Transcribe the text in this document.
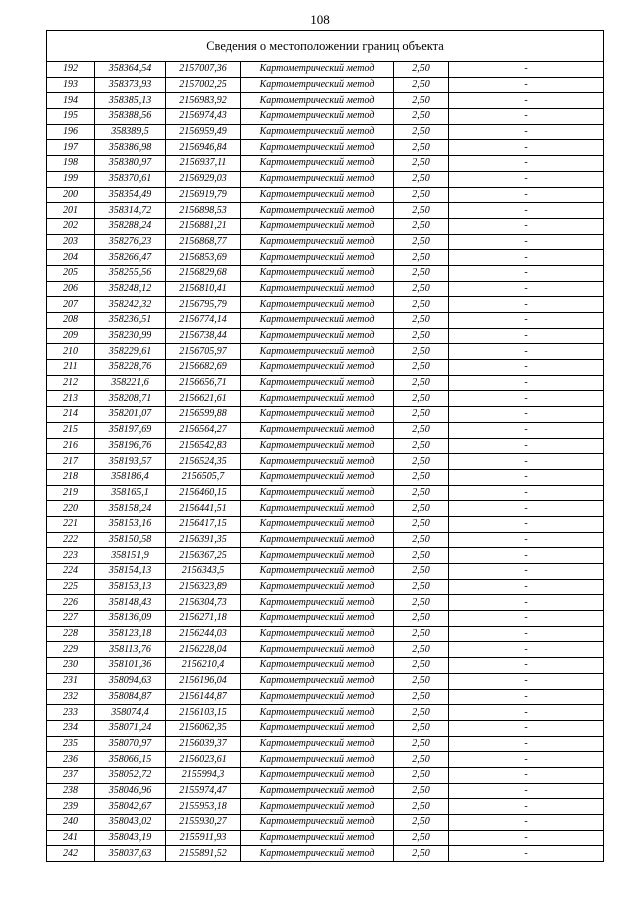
108
Сведения о местоположении границ объекта					
192	358364,54	2157007,36	Картометрический метод	2,50	-
193	358373,93	2157002,25	Картометрический метод	2,50	-
194	358385,13	2156983,92	Картометрический метод	2,50	-
195	358388,56	2156974,43	Картометрический метод	2,50	-
196	358389,5	2156959,49	Картометрический метод	2,50	-
197	358386,98	2156946,84	Картометрический метод	2,50	-
198	358380,97	2156937,11	Картометрический метод	2,50	-
199	358370,61	2156929,03	Картометрический метод	2,50	-
200	358354,49	2156919,79	Картометрический метод	2,50	-
201	358314,72	2156898,53	Картометрический метод	2,50	-
202	358288,24	2156881,21	Картометрический метод	2,50	-
203	358276,23	2156868,77	Картометрический метод	2,50	-
204	358266,47	2156853,69	Картометрический метод	2,50	-
205	358255,56	2156829,68	Картометрический метод	2,50	-
206	358248,12	2156810,41	Картометрический метод	2,50	-
207	358242,32	2156795,79	Картометрический метод	2,50	-
208	358236,51	2156774,14	Картометрический метод	2,50	-
209	358230,99	2156738,44	Картометрический метод	2,50	-
210	358229,61	2156705,97	Картометрический метод	2,50	-
211	358228,76	2156682,69	Картометрический метод	2,50	-
212	358221,6	2156656,71	Картометрический метод	2,50	-
213	358208,71	2156621,61	Картометрический метод	2,50	-
214	358201,07	2156599,88	Картометрический метод	2,50	-
215	358197,69	2156564,27	Картометрический метод	2,50	-
216	358196,76	2156542,83	Картометрический метод	2,50	-
217	358193,57	2156524,35	Картометрический метод	2,50	-
218	358186,4	2156505,7	Картометрический метод	2,50	-
219	358165,1	2156460,15	Картометрический метод	2,50	-
220	358158,24	2156441,51	Картометрический метод	2,50	-
221	358153,16	2156417,15	Картометрический метод	2,50	-
222	358150,58	2156391,35	Картометрический метод	2,50	-
223	358151,9	2156367,25	Картометрический метод	2,50	-
224	358154,13	2156343,5	Картометрический метод	2,50	-
225	358153,13	2156323,89	Картометрический метод	2,50	-
226	358148,43	2156304,73	Картометрический метод	2,50	-
227	358136,09	2156271,18	Картометрический метод	2,50	-
228	358123,18	2156244,03	Картометрический метод	2,50	-
229	358113,76	2156228,04	Картометрический метод	2,50	-
230	358101,36	2156210,4	Картометрический метод	2,50	-
231	358094,63	2156196,04	Картометрический метод	2,50	-
232	358084,87	2156144,87	Картометрический метод	2,50	-
233	358074,4	2156103,15	Картометрический метод	2,50	-
234	358071,24	2156062,35	Картометрический метод	2,50	-
235	358070,97	2156039,37	Картометрический метод	2,50	-
236	358066,15	2156023,61	Картометрический метод	2,50	-
237	358052,72	2155994,3	Картометрический метод	2,50	-
238	358046,96	2155974,47	Картометрический метод	2,50	-
239	358042,67	2155953,18	Картометрический метод	2,50	-
240	358043,02	2155930,27	Картометрический метод	2,50	-
241	358043,19	2155911,93	Картометрический метод	2,50	-
242	358037,63	2155891,52	Картометрический метод	2,50	-
